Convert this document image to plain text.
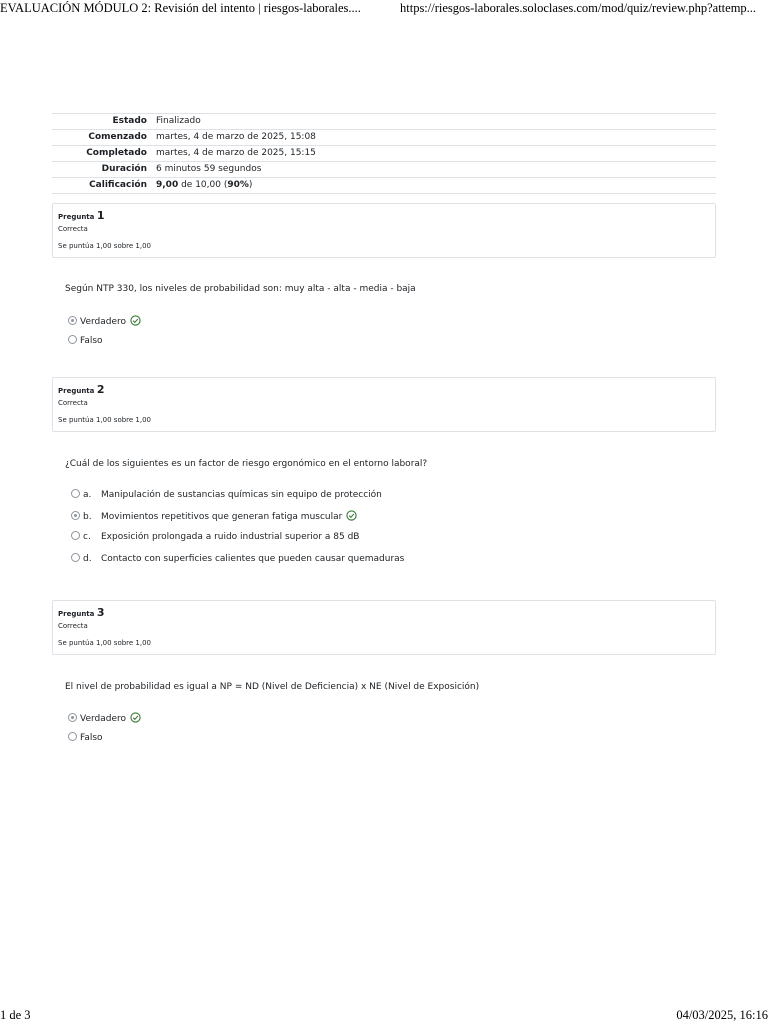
EVALUACIÓN MÓDULO 2: Revisión del intento | riesgos-laborales....	https://riesgos-laborales.soloclases.com/mod/quiz/review.php?attemp...
Estado	Finalizado
Comenzado	martes, 4 de marzo de 2025, 15:08
Completado	martes, 4 de marzo de 2025, 15:15
Duración	6 minutos 59 segundos
Calificación	9,00 de 10,00 (90%)
Pregunta 1
Correcta
Se puntúa 1,00 sobre 1,00
Según NTP 330, los niveles de probabilidad son: muy alta - alta - media - baja
Verdadero
Falso
Pregunta 2
Correcta
Se puntúa 1,00 sobre 1,00
¿Cuál de los siguientes es un factor de riesgo ergonómico en el entorno laboral?
a. Manipulación de sustancias químicas sin equipo de protección
b. Movimientos repetitivos que generan fatiga muscular
c. Exposición prolongada a ruido industrial superior a 85 dB
d. Contacto con superficies calientes que pueden causar quemaduras
Pregunta 3
Correcta
Se puntúa 1,00 sobre 1,00
El nivel de probabilidad es igual a NP = ND (Nivel de Deficiencia) x NE (Nivel de Exposición)
Verdadero
Falso
1 de 3	04/03/2025, 16:16
